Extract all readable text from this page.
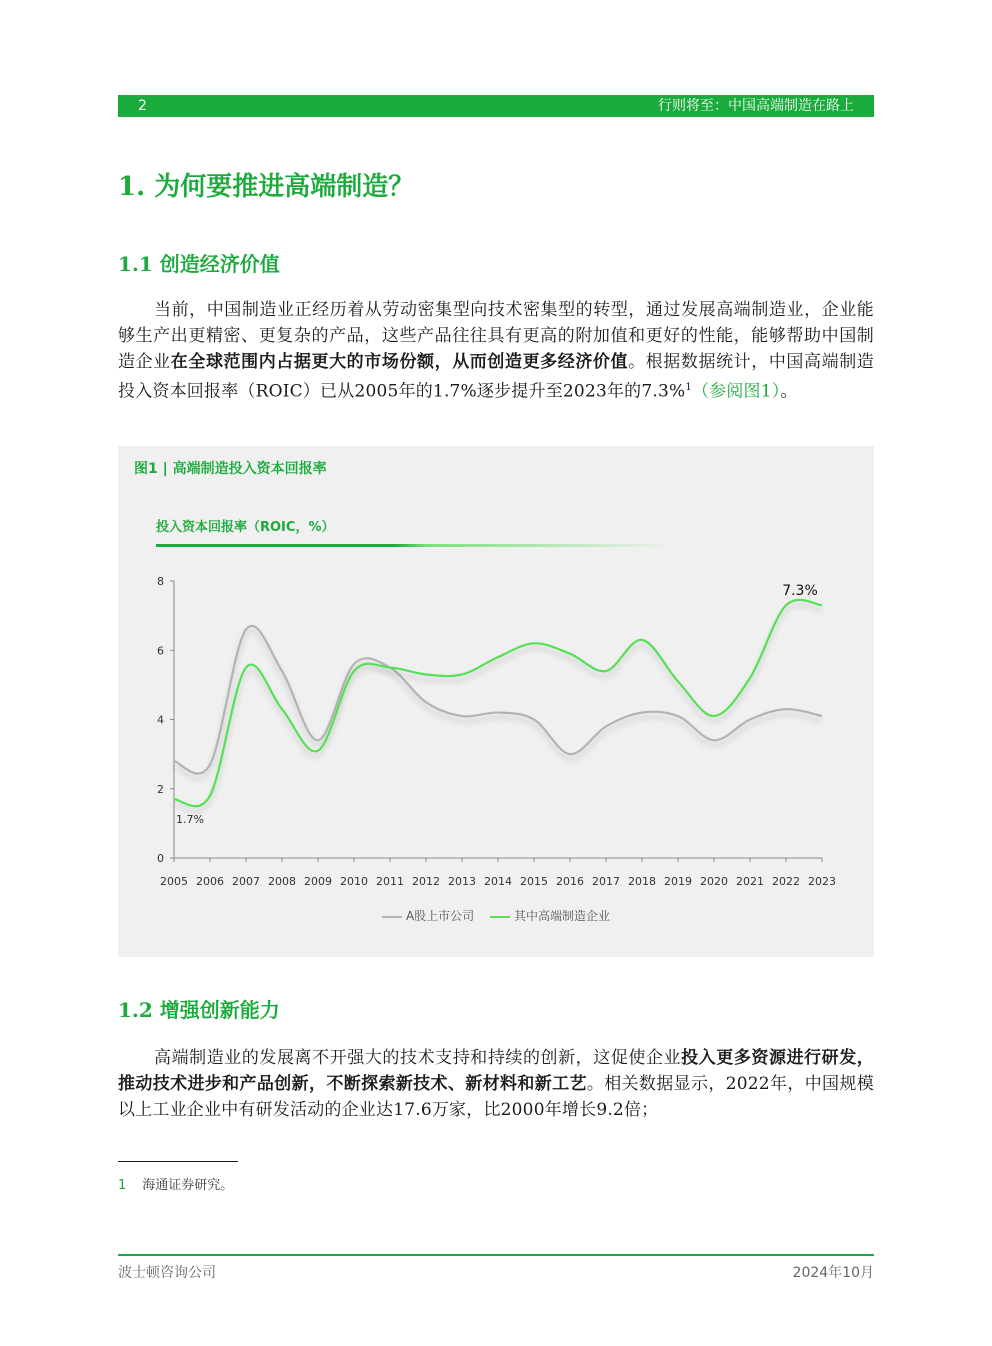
2	行则将至：中国高端制造在路上
1. 为何要推进高端制造？
1.1 创造经济价值

当前，中国制造业正经历着从劳动密集型向技术密集型的转型，通过发展高端制造业，企业能够生产出更精密、更复杂的产品，这些产品往往具有更高的附加值和更好的性能，能够帮助中国制造企业在全球范围内占据更大的市场份额，从而创造更多经济价值。根据数据统计，中国高端制造投入资本回报率（ROIC）已从2005年的1.7%逐步提升至2023年的7.3%$^1$（参阅图1）。

图1 | 高端制造投入资本回报率
投入资本回报率（ROIC，%）
0
2
4
6
8
2005 2006 2007 2008 2009 2010 2011 2012 2013 2014 2015 2016 2017 2018 2019 2020 2021 2022 2023
1.7%
7.3%
A股上市公司	其中高端制造企业
1.2 增强创新能力

高端制造业的发展离不开强大的技术支持和持续的创新，这促使企业投入更多资源进行研发，推动技术进步和产品创新，不断探索新技术、新材料和新工艺。相关数据显示，2022年，中国规模以上工业企业中有研发活动的企业达17.6万家，比2000年增长9.2倍；

1 海通证券研究。
波士顿咨询公司	2024年10月
